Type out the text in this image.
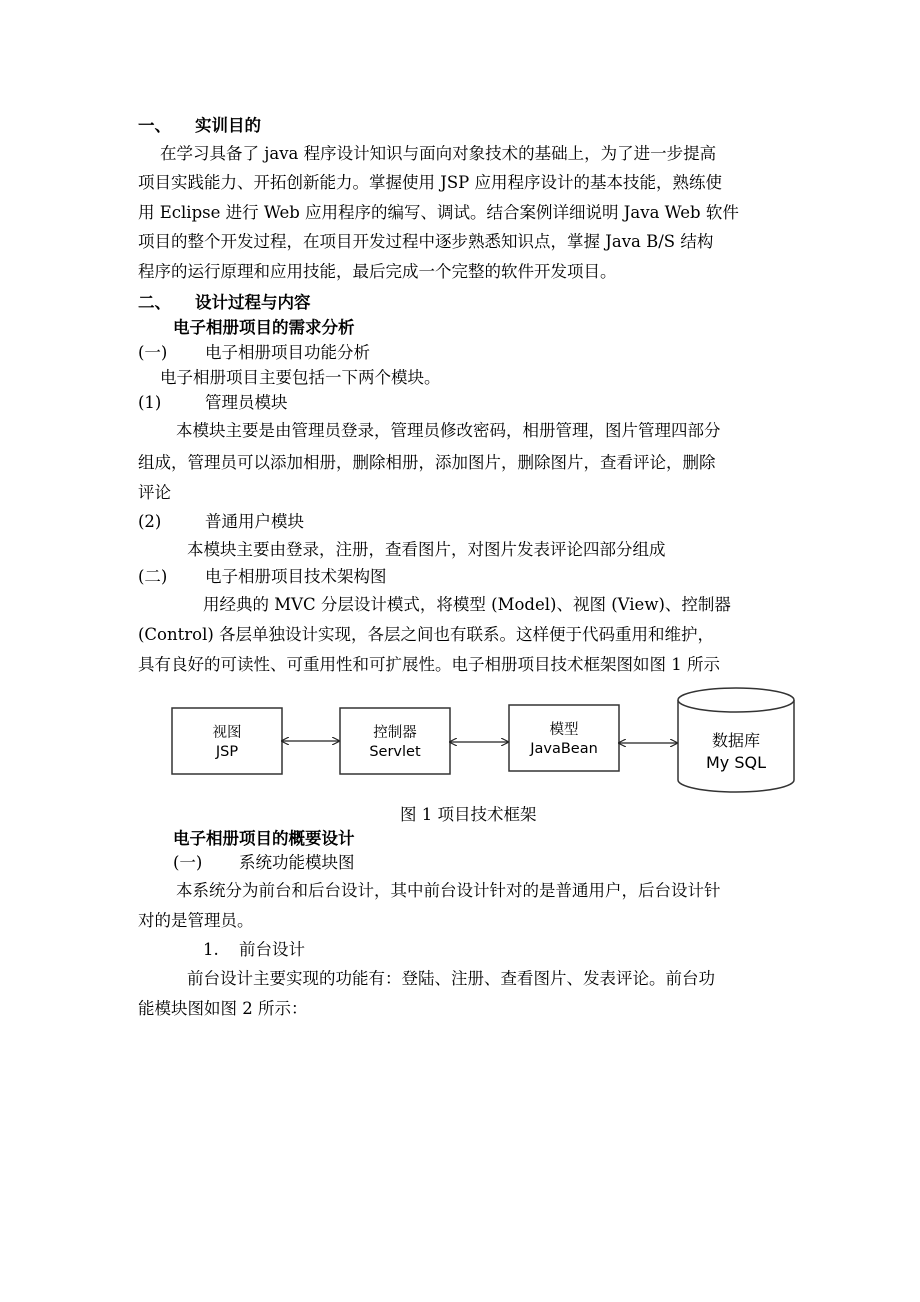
一、 实训目的
在学习具备了 java 程序设计知识与面向对象技术的基础上，为了进一步提高
项目实践能力、开拓创新能力。掌握使用 JSP 应用程序设计的基本技能，熟练使
用 Eclipse 进行 Web 应用程序的编写、调试。结合案例详细说明 Java Web 软件
项目的整个开发过程，在项目开发过程中逐步熟悉知识点，掌握 Java B/S 结构
程序的运行原理和应用技能，最后完成一个完整的软件开发项目。
二、 设计过程与内容
电子相册项目的需求分析
(一) 电子相册项目功能分析
电子相册项目主要包括一下两个模块。
(1)	管理员模块
本模块主要是由管理员登录，管理员修改密码，相册管理，图片管理四部分
组成，管理员可以添加相册，删除相册，添加图片，删除图片，查看评论，删除
评论
(2)	普通用户模块
本模块主要由登录，注册，查看图片，对图片发表评论四部分组成
(二) 电子相册项目技术架构图
用经典的 MVC 分层设计模式，将模型 (Model)、视图 (View)、控制器
(Control) 各层单独设计实现，各层之间也有联系。这样便于代码重用和维护，
具有良好的可读性、可重用性和可扩展性。电子相册项目技术框架图如图 1 所示
视图
JSP
控制器
Servlet
模型
JavaBean	数据库
My SQL
图 1 项目技术框架
电子相册项目的概要设计
(一) 系统功能模块图
本系统分为前台和后台设计，其中前台设计针对的是普通用户，后台设计针
对的是管理员。
1. 前台设计
前台设计主要实现的功能有：登陆、注册、查看图片、发表评论。前台功
能模块图如图 2 所示：
